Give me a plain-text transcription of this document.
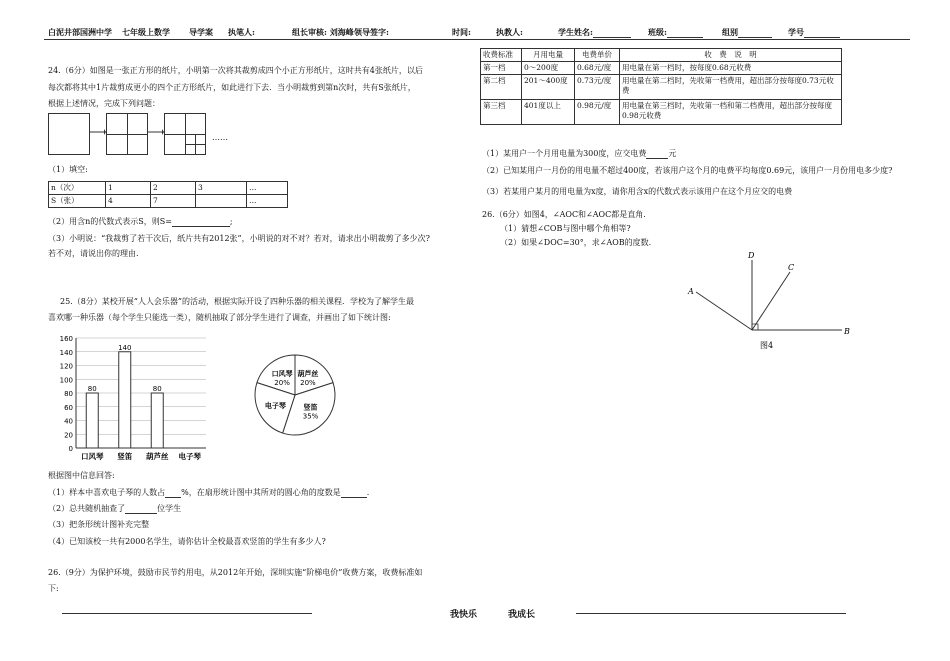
白泥井部国洲中学 七年级上数学 导学案 执笔人:	组长审核: 刘海峰 领导签字:	时间:	执教人:	学生姓名:	班级:	组别	学号
24.（6分）如图是一张正方形的纸片，小明第一次将其裁剪成四个小正方形纸片，这时共有4张纸片，以后
每次都将其中1片裁剪成更小的四个正方形纸片，如此进行下去．当小明裁剪到第n次时，共有S张纸片，
根据上述情况，完成下列问题：
……
（1）填空:
n（次）	1	2	3	…
S（张）	4	7		…
（2）用含n的代数式表示S，则S=	;
（3）小明说：“我裁剪了若干次后，纸片共有2012张”，小明说的对不对？若对，请求出小明裁剪了多少次?
若不对，请说出你的理由.
25.（8分）某校开展“人人会乐器”的活动，根据实际开设了四种乐器的相关课程．学校为了解学生最
喜欢哪一种乐器（每个学生只能选一类），随机抽取了部分学生进行了调查，并画出了如下统计图:
0
20
40
60
80
100
120
140
160
80
口风琴
140
竖笛
80
葫芦丝 电子琴
口风琴
20%
葫芦丝
20%
竖笛
35%
电子琴
根据图中信息回答:
（1）样本中喜欢电子琴的人数占 %，在扇形统计图中其所对的圆心角的度数是	.
（2）总共随机抽查了	位学生
（3）把条形统计图补充完整
（4）已知该校一共有2000名学生，请你估计全校最喜欢竖笛的学生有多少人?
26.（9分）为保护环境，鼓励市民节约用电，从2012年开始，深圳实施“阶梯电价”收费方案，收费标准如
下:
收费标准	月用电量	电费单价	收　费　说　明
第一档	0～200度	0.68元/度	用电量在第一档时，按每度0.68元收费
第二档	201～400度	0.73元/度	用电量在第二档时，先收第一档费用，超出部分按每度0.73元收费
第三档	401度以上	0.98元/度	用电量在第三档时，先收第一档和第二档费用，超出部分按每度0.98元收费
（1）某用户一个月用电量为300度，应交电费	元
（2）已知某用户一月份的用电量不超过400度，若该用户这个月的电费平均每度0.69元，该用户一月份用电多少度?
（3）若某用户某月的用电量为x度，请你用含x的代数式表示该用户在这个月应交的电费
26.（6分）如图4，∠AOC和∠AOC都是直角.
（1）猜想∠COB与图中哪个角相等?
（2）如果∠DOC=30°，求∠AOB的度数.
D
C
A
B
图4
我快乐	我成长
